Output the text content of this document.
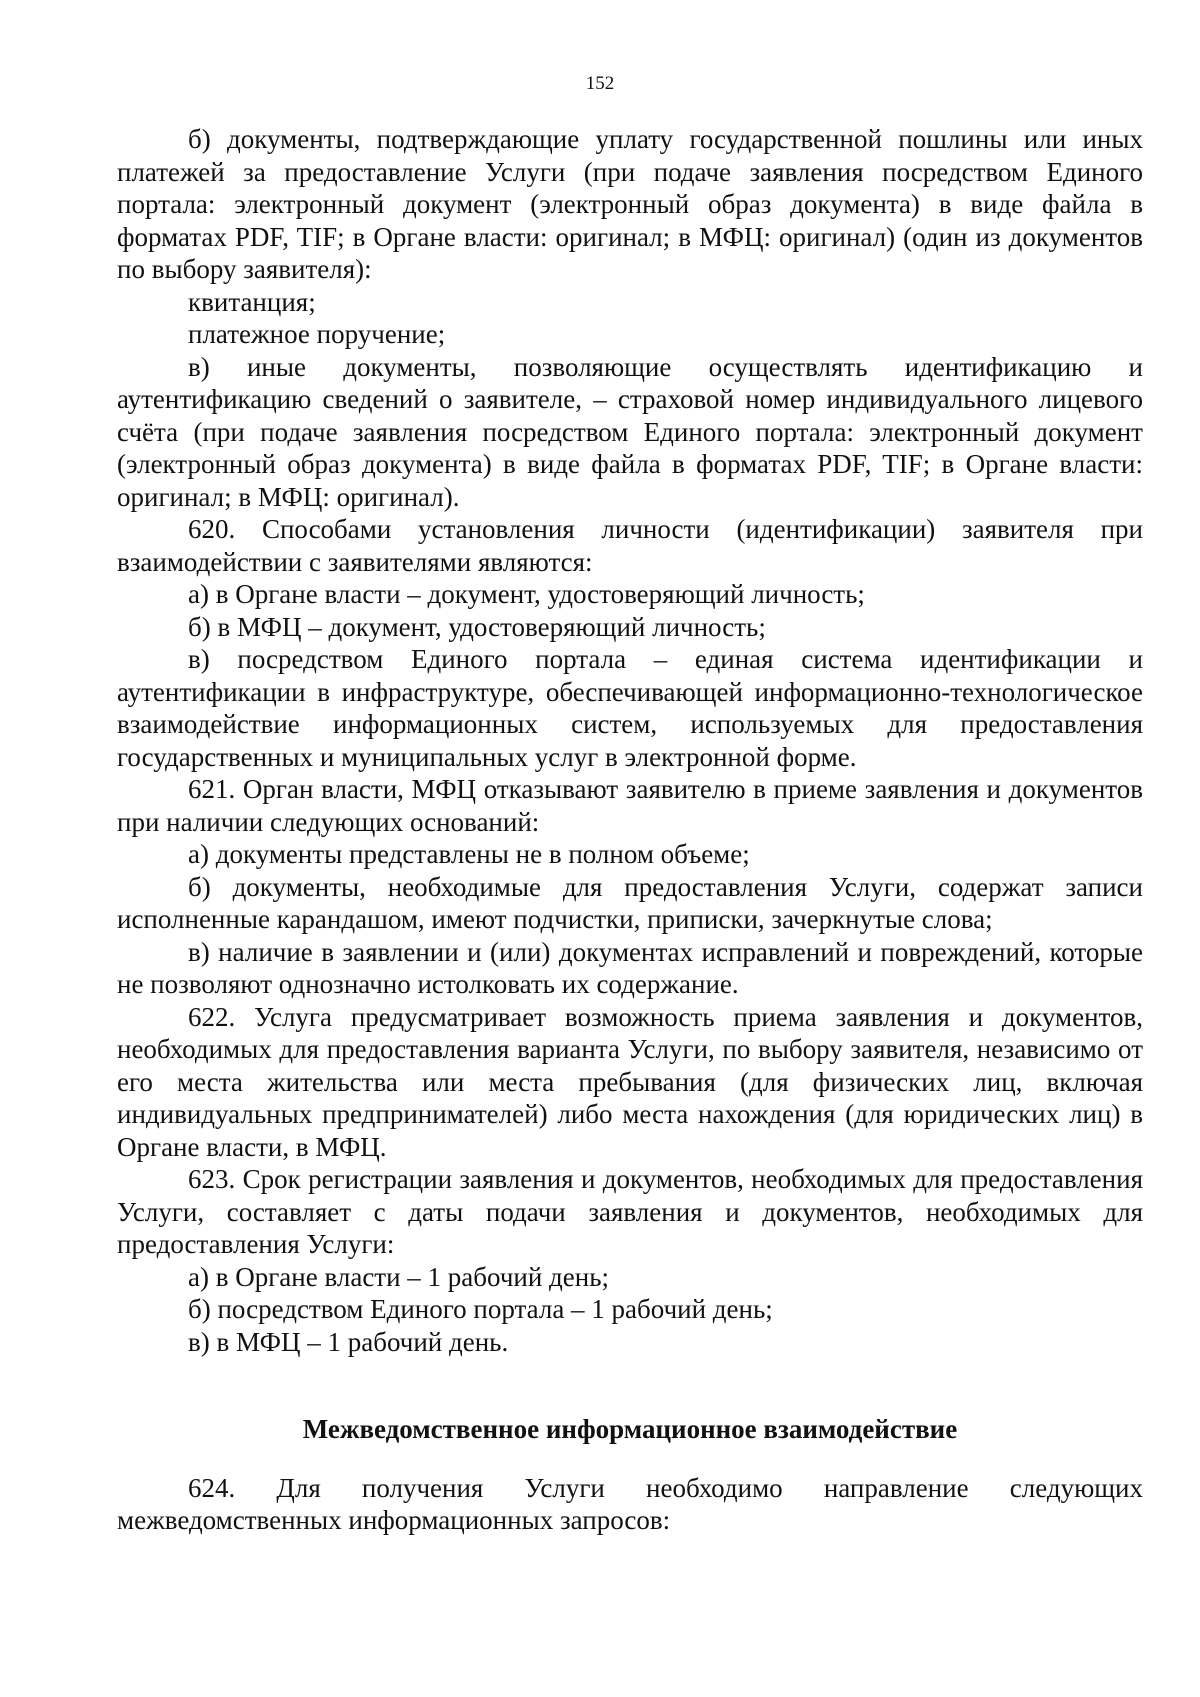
152

б) документы, подтверждающие уплату государственной пошлины или иных платежей за предоставление Услуги (при подаче заявления посредством Единого портала: электронный документ (электронный образ документа) в виде файла в форматах PDF, TIF; в Органе власти: оригинал; в МФЦ: оригинал) (один из документов по выбору заявителя):

квитанция;

платежное поручение;

в) иные документы, позволяющие осуществлять идентификацию и аутентификацию сведений о заявителе, – страховой номер индивидуального лицевого счёта (при подаче заявления посредством Единого портала: электронный документ (электронный образ документа) в виде файла в форматах PDF, TIF; в Органе власти: оригинал; в МФЦ: оригинал).

620. Способами установления личности (идентификации) заявителя при взаимодействии с заявителями являются:

а) в Органе власти – документ, удостоверяющий личность;

б) в МФЦ – документ, удостоверяющий личность;

в) посредством Единого портала – единая система идентификации и аутентификации в инфраструктуре, обеспечивающей информационно-технологическое взаимодействие информационных систем, используемых для предоставления государственных и муниципальных услуг в электронной форме.

621. Орган власти, МФЦ отказывают заявителю в приеме заявления и документов при наличии следующих оснований:

а) документы представлены не в полном объеме;

б) документы, необходимые для предоставления Услуги, содержат записи исполненные карандашом, имеют подчистки, приписки, зачеркнутые слова;

в) наличие в заявлении и (или) документах исправлений и повреждений, которые не позволяют однозначно истолковать их содержание.

622. Услуга предусматривает возможность приема заявления и документов, необходимых для предоставления варианта Услуги, по выбору заявителя, независимо от его места жительства или места пребывания (для физических лиц, включая индивидуальных предпринимателей) либо места нахождения (для юридических лиц) в Органе власти, в МФЦ.

623. Срок регистрации заявления и документов, необходимых для предоставления Услуги, составляет с даты подачи заявления и документов, необходимых для предоставления Услуги:

а) в Органе власти – 1 рабочий день;

б) посредством Единого портала – 1 рабочий день;

в) в МФЦ – 1 рабочий день.

Межведомственное информационное взаимодействие

624. Для получения Услуги необходимо направление следующих межведомственных информационных запросов:
